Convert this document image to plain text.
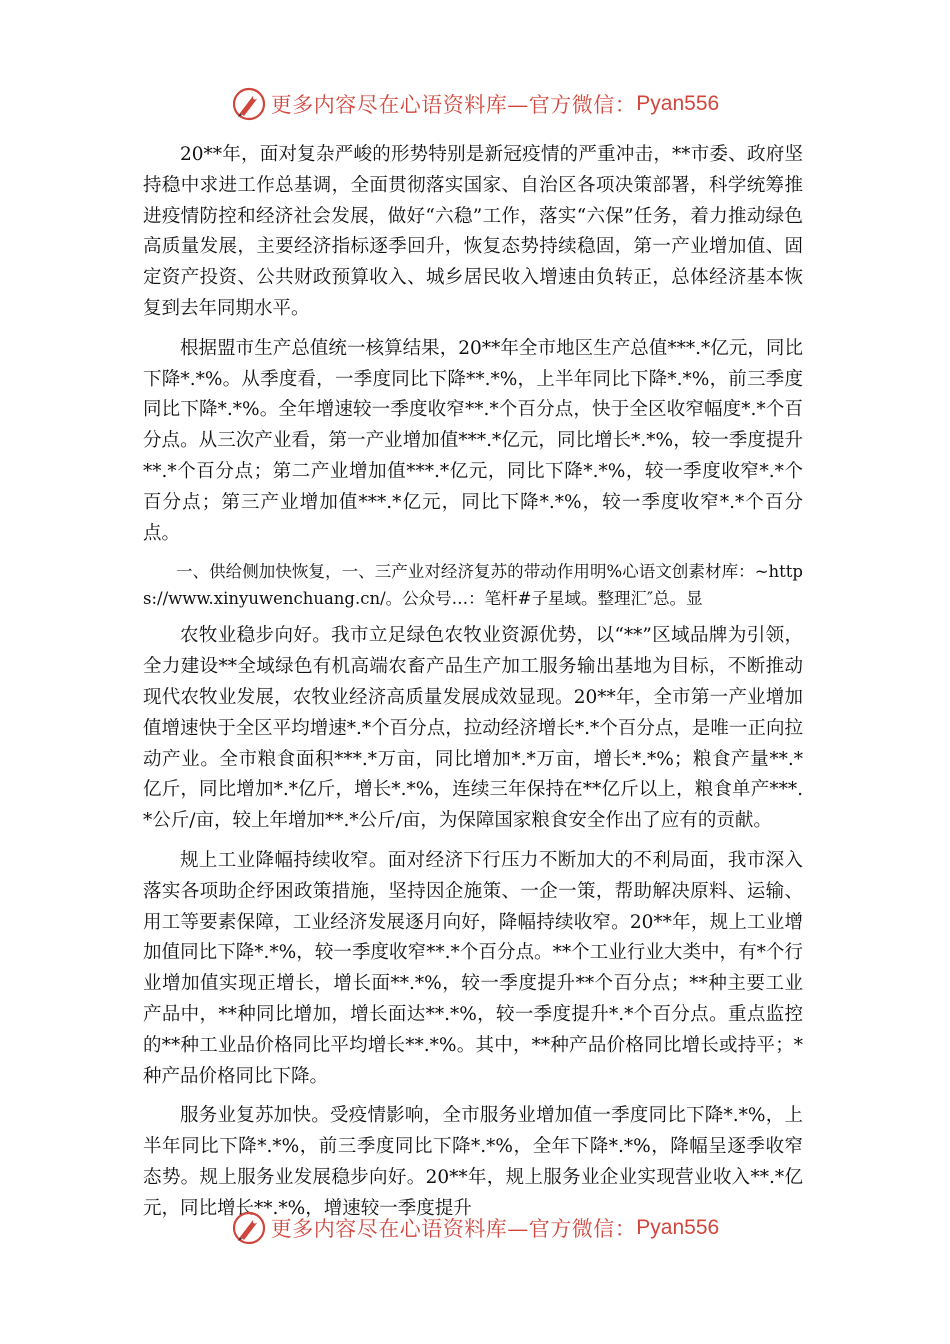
更多内容尽在心语资料库—官方微信： Pyan556

20**年，面对复杂严峻的形势特别是新冠疫情的严重冲击，**市委、政府坚持稳中求进工作总基调，全面贯彻落实国家、自治区各项决策部署，科学统筹推进疫情防控和经济社会发展，做好“六稳”工作，落实“六保”任务，着力推动绿色高质量发展，主要经济指标逐季回升，恢复态势持续稳固，第一产业增加值、固定资产投资、公共财政预算收入、城乡居民收入增速由负转正，总体经济基本恢复到去年同期水平。

根据盟市生产总值统一核算结果，20**年全市地区生产总值***.*亿元，同比下降*.*%。从季度看，一季度同比下降**.*%，上半年同比下降*.*%，前三季度同比下降*.*%。全年增速较一季度收窄**.*个百分点，快于全区收窄幅度*.*个百分点。从三次产业看，第一产业增加值***.*亿元，同比增长*.*%，较一季度提升**.*个百分点；第二产业增加值***.*亿元，同比下降*.*%，较一季度收窄*.*个百分点；第三产业增加值***.*亿元，同比下降*.*%，较一季度收窄*.*个百分点。

一、供给侧加快恢复，一、三产业对经济复苏的带动作用明%心语文创素材库：~https://www.xinyuwenchuang.cn/。公众号…：笔杆#子星域。整理汇″总。显

农牧业稳步向好。我市立足绿色农牧业资源优势，以“**”区域品牌为引领，全力建设**全域绿色有机高端农畜产品生产加工服务输出基地为目标，不断推动现代农牧业发展，农牧业经济高质量发展成效显现。20**年，全市第一产业增加值增速快于全区平均增速*.*个百分点，拉动经济增长*.*个百分点，是唯一正向拉动产业。全市粮食面积***.*万亩，同比增加*.*万亩，增长*.*%；粮食产量**.*亿斤，同比增加*.*亿斤，增长*.*%，连续三年保持在**亿斤以上，粮食单产***.*公斤/亩，较上年增加**.*公斤/亩，为保障国家粮食安全作出了应有的贡献。

规上工业降幅持续收窄。面对经济下行压力不断加大的不利局面，我市深入落实各项助企纾困政策措施，坚持因企施策、一企一策，帮助解决原料、运输、用工等要素保障，工业经济发展逐月向好，降幅持续收窄。20**年，规上工业增加值同比下降*.*%，较一季度收窄**.*个百分点。**个工业行业大类中，有*个行业增加值实现正增长，增长面**.*%，较一季度提升**个百分点；**种主要工业产品中，**种同比增加，增长面达**.*%，较一季度提升*.*个百分点。重点监控的**种工业品价格同比平均增长**.*%。其中，**种产品价格同比增长或持平；*种产品价格同比下降。

服务业复苏加快。受疫情影响，全市服务业增加值一季度同比下降*.*%，上半年同比下降*.*%，前三季度同比下降*.*%，全年下降*.*%，降幅呈逐季收窄态势。规上服务业发展稳步向好。20**年，规上服务业企业实现营业收入**.*亿元，同比增长**.*%，增速较一季度提升

更多内容尽在心语资料库—官方微信： Pyan556
